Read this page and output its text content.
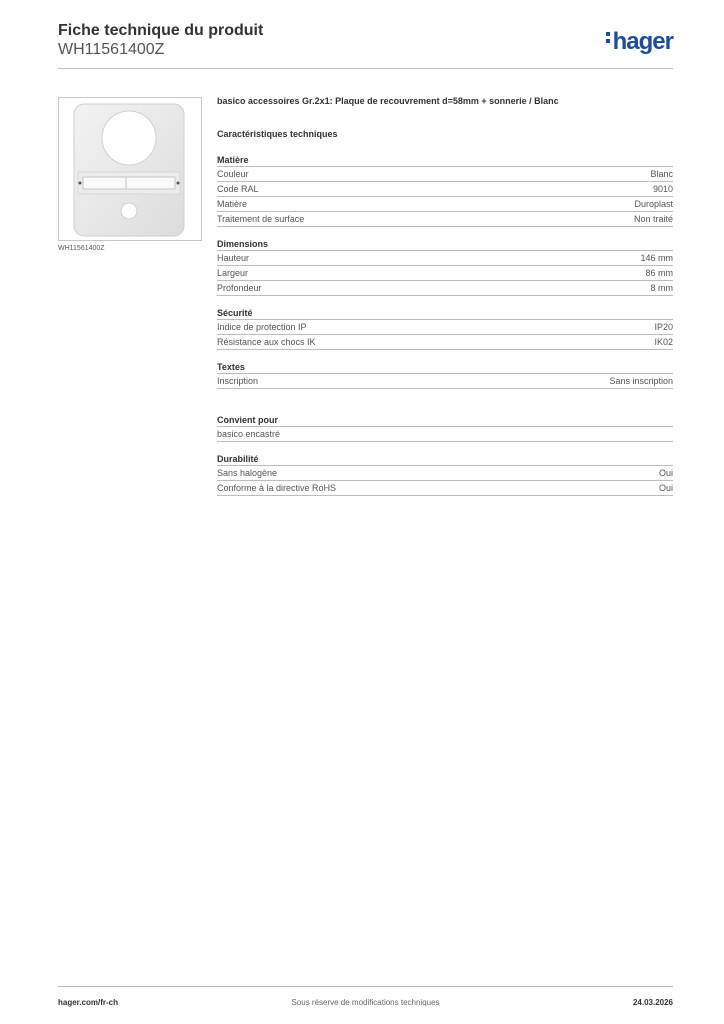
Fiche technique du produit
WH11561400Z	hager
WH11561400Z
basico accessoires Gr.2x1: Plaque de recouvrement d=58mm + sonnerie / Blanc
Caractéristiques techniques
Matière
Couleur	Blanc
Code RAL	9010
Matière	Duroplast
Traitement de surface	Non traité
Dimensions
Hauteur	146 mm
Largeur	86 mm
Profondeur	8 mm
Sécurité
Indice de protection IP	IP20
Résistance aux chocs IK	IK02
Textes
Inscription	Sans inscription
Convient pour
basico encastré
Durabilité
Sans halogène	Oui
Conforme à la directive RoHS	Oui
Sous réserve de modifications techniques
hager.com/fr-ch	24.03.2026
